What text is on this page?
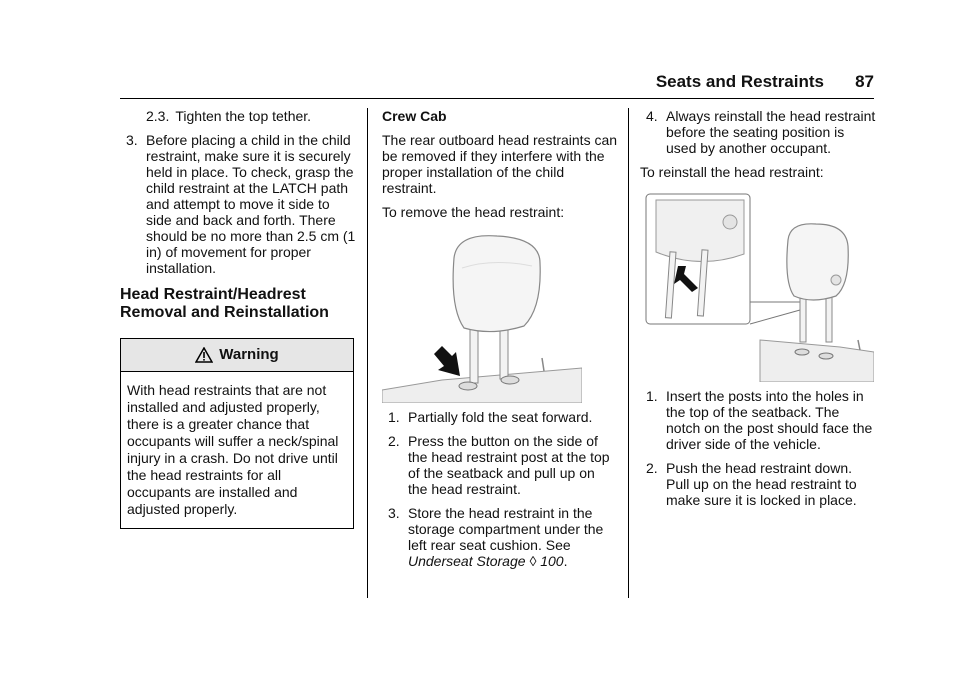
Seats and Restraints 87

2.3. Tighten the top tether.

3. Before placing a child in the child restraint, make sure it is securely held in place. To check, grasp the child restraint at the LATCH path and attempt to move it side to side and back and forth. There should be no more than 2.5 cm (1 in) of movement for proper installation.

Head Restraint/Headrest Removal and Reinstallation

Warning
With head restraints that are not installed and adjusted properly, there is a greater chance that occupants will suffer a neck/spinal injury in a crash. Do not drive until the head restraints for all occupants are installed and adjusted properly.

Crew Cab

The rear outboard head restraints can be removed if they interfere with the proper installation of the child restraint.

To remove the head restraint:

1. Partially fold the seat forward.

2. Press the button on the side of the head restraint post at the top of the seatback and pull up on the head restraint.

3. Store the head restraint in the storage compartment under the left rear seat cushion. See Underseat Storage ◊ 100.

4. Always reinstall the head restraint before the seating position is used by another occupant.

To reinstall the head restraint:

1. Insert the posts into the holes in the top of the seatback. The notch on the post should face the driver side of the vehicle.

2. Push the head restraint down. Pull up on the head restraint to make sure it is locked in place.
